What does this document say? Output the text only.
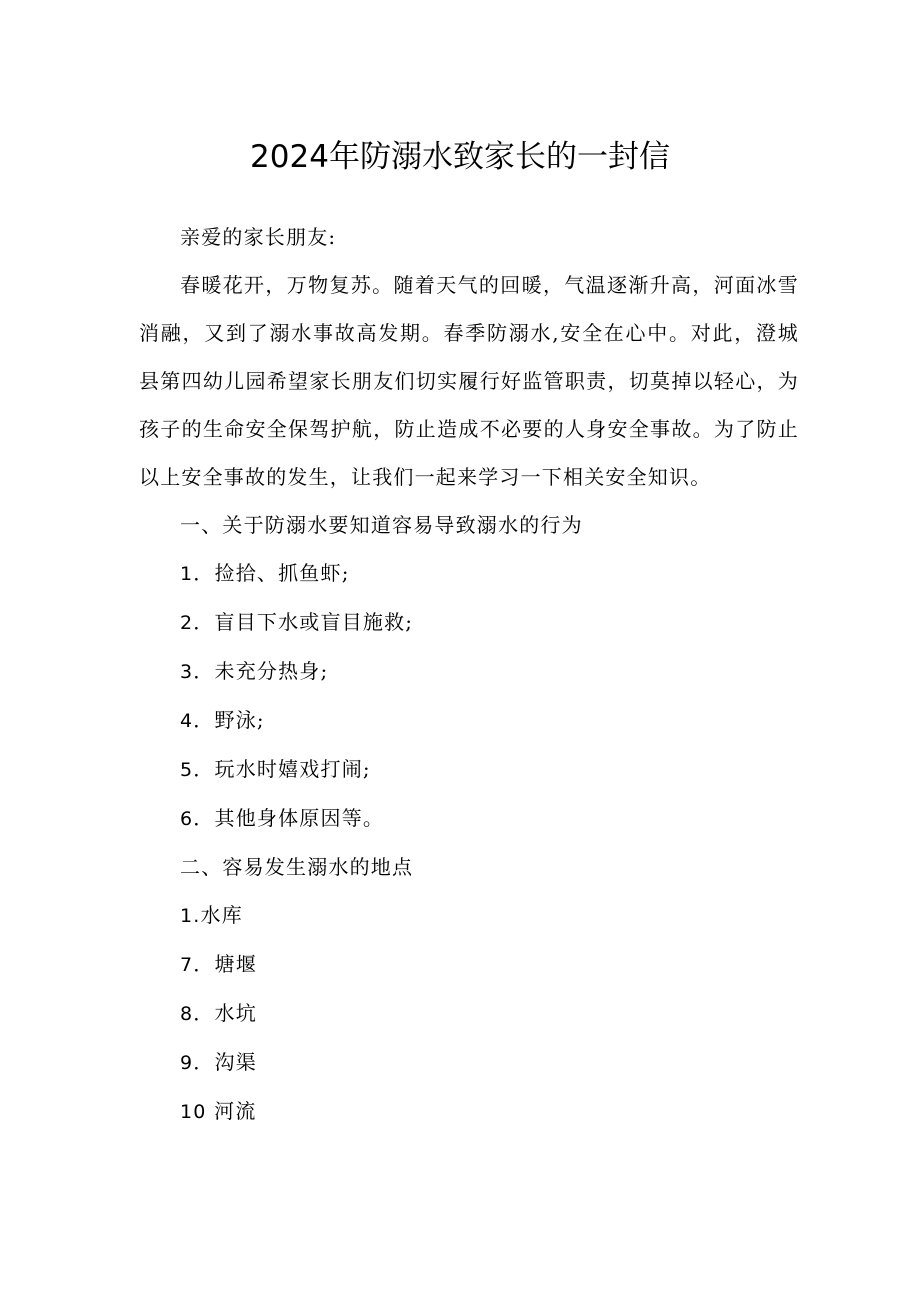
2024年防溺水致家长的一封信

亲爱的家长朋友:

春暖花开，万物复苏。随着天气的回暖，气温逐渐升高，河面冰雪消融，又到了溺水事故高发期。春季防溺水,安全在心中。对此，澄城县第四幼儿园希望家长朋友们切实履行好监管职责，切莫掉以轻心，为孩子的生命安全保驾护航，防止造成不必要的人身安全事故。为了防止以上安全事故的发生，让我们一起来学习一下相关安全知识。

一、关于防溺水要知道容易导致溺水的行为

1．捡拾、抓鱼虾;

2．盲目下水或盲目施救;

3．未充分热身;

4．野泳;

5．玩水时嬉戏打闹;

6．其他身体原因等。

二、容易发生溺水的地点

1.水库

7．塘堰

8．水坑

9．沟渠

10 河流
